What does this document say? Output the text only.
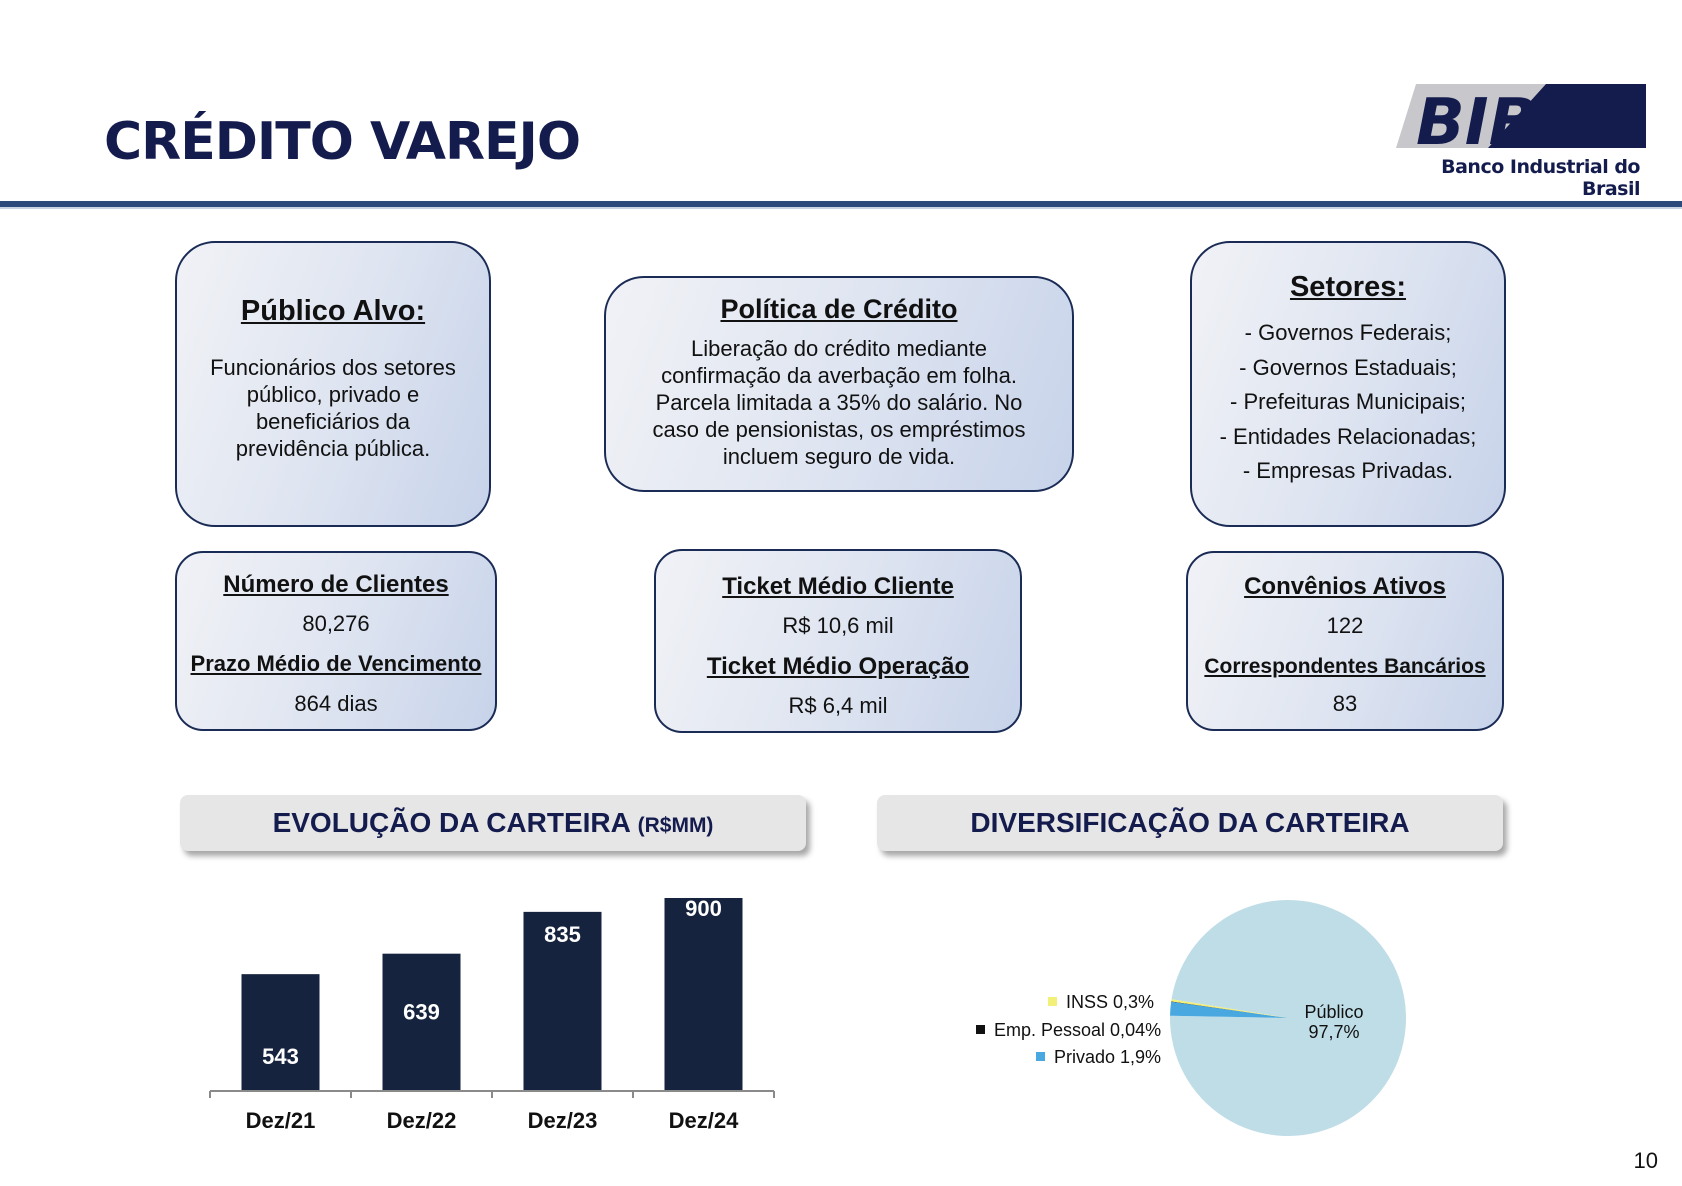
CRÉDITO VAREJO	BIB
Banco Industrial do Brasil
Público Alvo:
Funcionários dos setores
público, privado e
beneficiários da
previdência pública.
Política de Crédito
Liberação do crédito mediante
confirmação da averbação em folha.
Parcela limitada a 35% do salário. No
caso de pensionistas, os empréstimos
incluem seguro de vida.
Setores:
- Governos Federais;
- Governos Estaduais;
- Prefeituras Municipais;
- Entidades Relacionadas;
- Empresas Privadas.
Número de Clientes
80,276
Prazo Médio de Vencimento
864 dias
Ticket Médio Cliente
R$ 10,6 mil
Ticket Médio Operação
R$ 6,4 mil
Convênios Ativos
122
Correspondentes Bancários
83
EVOLUÇÃO DA CARTEIRA (R$MM)	DIVERSIFICAÇÃO DA CARTEIRA
543
Dez/21
639
Dez/22
835
Dez/23
900
Dez/24
Público
97,7%
INSS 0,3%
Emp. Pessoal 0,04%
Privado 1,9%
10
